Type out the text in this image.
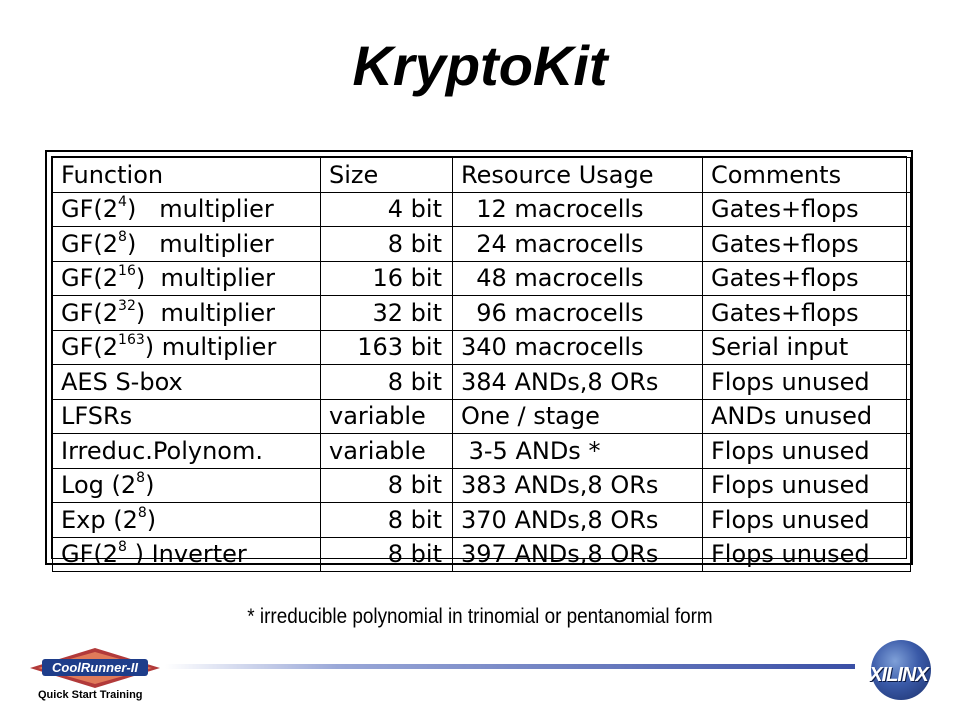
KryptoKit
Function	Size	Resource Usage	Comments
$GF(2^4)$   multiplier	4 bit	12 macrocells	Gates+flops
$GF(2^8)$   multiplier	8 bit	24 macrocells	Gates+flops
$GF(2^{16})$  multiplier	16 bit	48 macrocells	Gates+flops
$GF(2^{32})$  multiplier	32 bit	96 macrocells	Gates+flops
$GF(2^{163})$ multiplier	163 bit	340 macrocells	Serial input
AES S-box	8 bit	384 ANDs,8 ORs	Flops unused
LFSRs	variable	One / stage	ANDs unused
Irreduc.Polynom.	variable	3-5 ANDs *	Flops unused
Log $(2^8)$	8 bit	383 ANDs,8 ORs	Flops unused
Exp $(2^8)$	8 bit	370 ANDs,8 ORs	Flops unused
$GF(2^8$ ) Inverter	8 bit	397 ANDs,8 ORs	Flops unused
* irreducible polynomial in trinomial or pentanomial form
CoolRunner-II
Quick Start Training
XILINX
